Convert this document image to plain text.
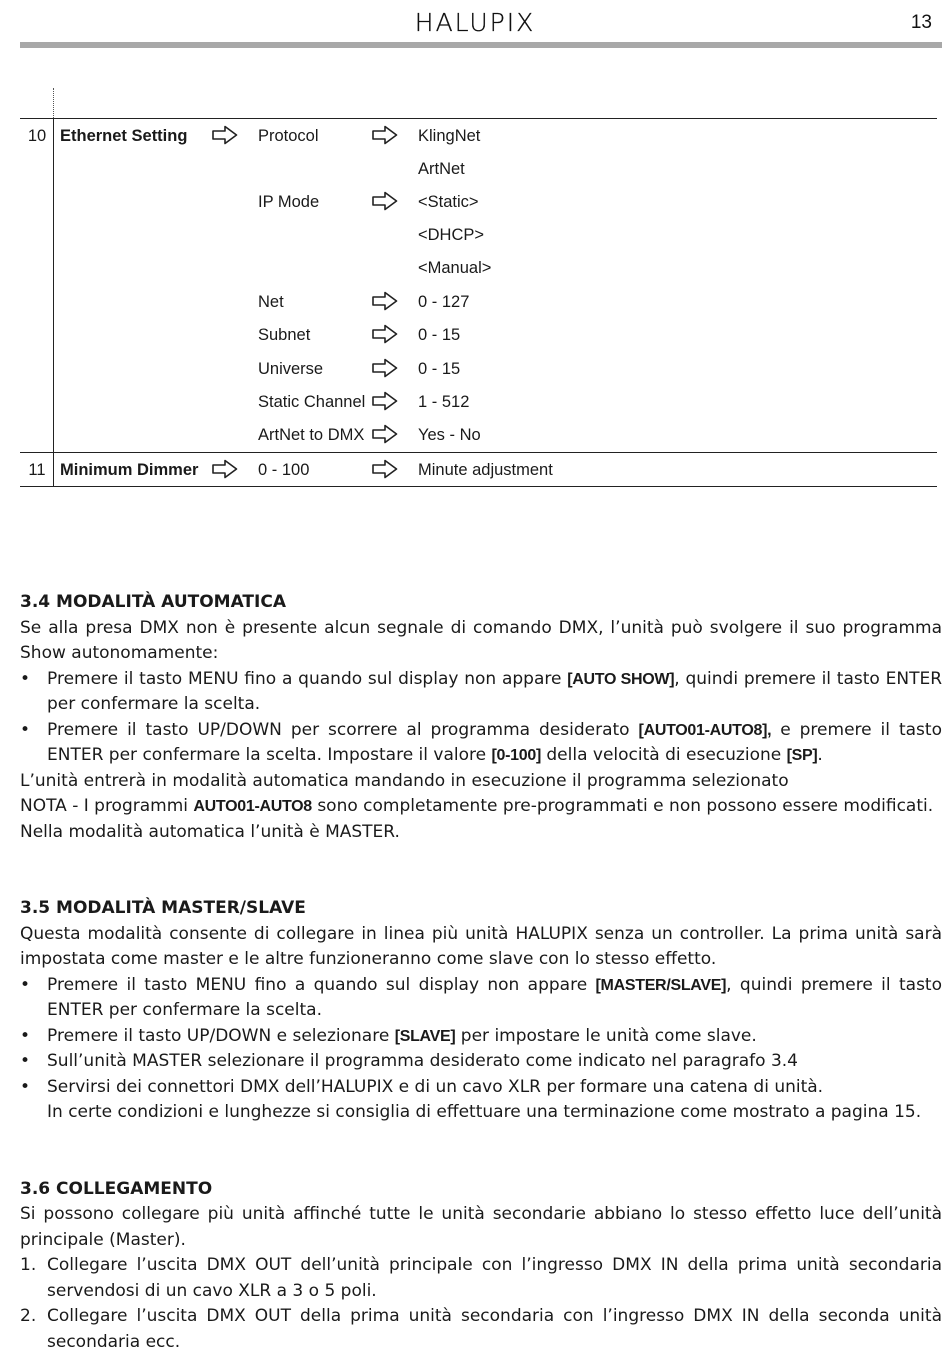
HALUPIX	13
10 Ethernet Setting	Protocol	KlingNet
ArtNet
IP Mode	<Static>
<DHCP>
<Manual>
Net	0 - 127
Subnet	0 - 15
Universe	0 - 15
Static Channel	1 - 512
ArtNet to DMX	Yes - No
11 Minimum Dimmer	0 - 100	Minute adjustment
3.4 MODALITÀ AUTOMATICA

Se alla presa DMX non è presente alcun segnale di comando DMX, l’unità può svolgere il suo programma Show autonomamente:

• Premere il tasto MENU fino a quando sul display non appare [AUTO SHOW], quindi premere il tasto ENTER per confermare la scelta.
• Premere il tasto UP/DOWN per scorrere al programma desiderato [AUTO01-AUTO8], e premere il tasto ENTER per confermare la scelta. Impostare il valore [0-100] della velocità di esecuzione [SP].

L’unità entrerà in modalità automatica mandando in esecuzione il programma selezionato

NOTA - I programmi AUTO01-AUTO8 sono completamente pre-programmati e non possono essere modificati.

Nella modalità automatica l’unità è MASTER.

3.5 MODALITÀ MASTER/SLAVE

Questa modalità consente di collegare in linea più unità HALUPIX senza un controller. La prima unità sarà impostata come master e le altre funzioneranno come slave con lo stesso effetto.

• Premere il tasto MENU fino a quando sul display non appare [MASTER/SLAVE], quindi premere il tasto ENTER per confermare la scelta.
• Premere il tasto UP/DOWN e selezionare [SLAVE] per impostare le unità come slave.
• Sull’unità MASTER selezionare il programma desiderato come indicato nel paragrafo 3.4
• Servirsi dei connettori DMX dell’HALUPIX e di un cavo XLR per formare una catena di unità.
In certe condizioni e lunghezze si consiglia di effettuare una terminazione come mostrato a pagina 15.
3.6 COLLEGAMENTO

Si possono collegare più unità affinché tutte le unità secondarie abbiano lo stesso effetto luce dell’unità principale (Master).

1. Collegare l’uscita DMX OUT dell’unità principale con l’ingresso DMX IN della prima unità secondaria servendosi di un cavo XLR a 3 o 5 poli.
2. Collegare l’uscita DMX OUT della prima unità secondaria con l’ingresso DMX IN della seconda unità secondaria ecc.
